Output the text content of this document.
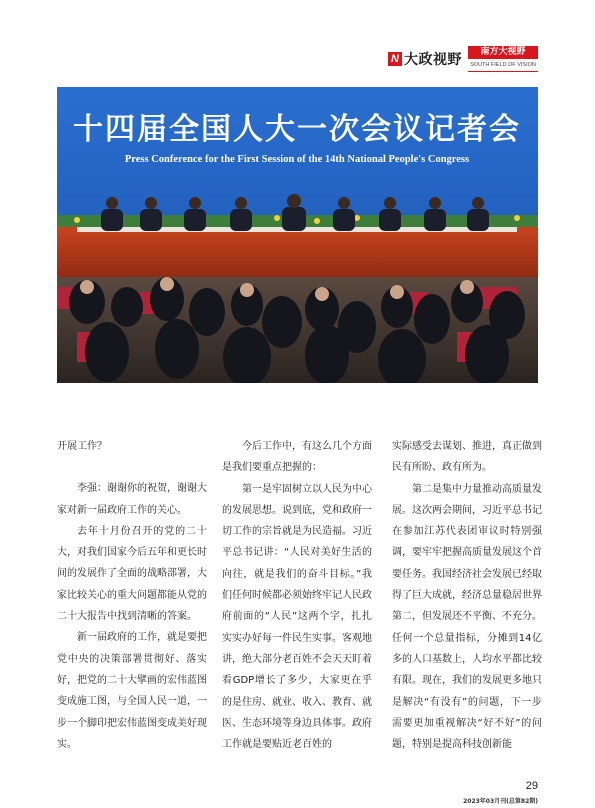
N 大政视野	南方大视野
SOUTH FIELD OF VISION
十四届全国人大一次会议记者会
Press Conference for the First Session of the 14th National People's Congress

开展工作？

李强：谢谢你的祝贺，谢谢大家对新一届政府工作的关心。

去年十月份召开的党的二十大，对我们国家今后五年和更长时间的发展作了全面的战略部署，大家比较关心的重大问题都能从党的二十大报告中找到清晰的答案。

新一届政府的工作，就是要把党中央的决策部署贯彻好、落实好，把党的二十大擘画的宏伟蓝图变成施工图，与全国人民一道，一步一个脚印把宏伟蓝图变成美好现实。

今后工作中，有这么几个方面是我们要重点把握的：

第一是牢固树立以人民为中心的发展思想。说到底，党和政府一切工作的宗旨就是为民造福。习近平总书记讲：“人民对美好生活的向往，就是我们的奋斗目标。”我们任何时候都必须始终牢记人民政府前面的“人民”这两个字，扎扎实实办好每一件民生实事。客观地讲，绝大部分老百姓不会天天盯着看GDP增长了多少，大家更在乎的是住房、就业、收入、教育、就医、生态环境等身边具体事。政府工作就是要贴近老百姓的

实际感受去谋划、推进，真正做到民有所盼、政有所为。

第二是集中力量推动高质量发展。这次两会期间，习近平总书记在参加江苏代表团审议时特别强调，要牢牢把握高质量发展这个首要任务。我国经济社会发展已经取得了巨大成就，经济总量稳居世界第二，但发展还不平衡、不充分。任何一个总量指标，分摊到14亿多的人口基数上，人均水平都比较有限。现在，我们的发展更多地只是解决“有没有”的问题，下一步需要更加重视解决“好不好”的问题，特别是提高科技创新能

29
2023年03月刊(总第82期)
